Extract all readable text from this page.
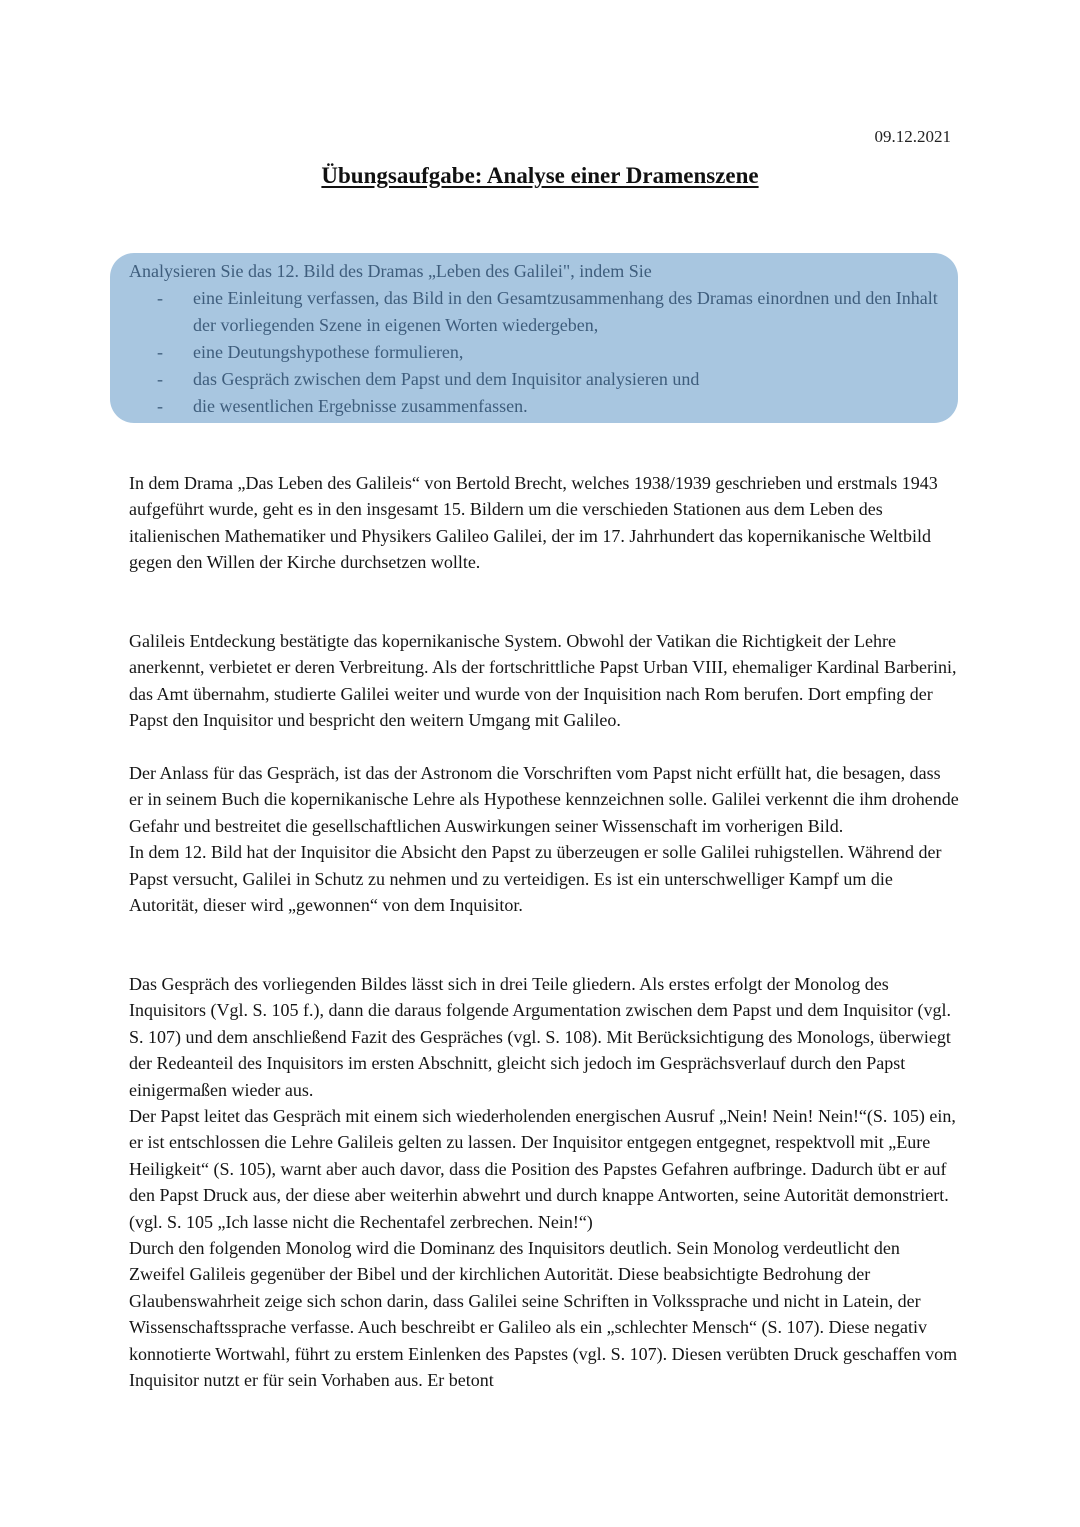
09.12.2021
Übungsaufgabe: Analyse einer Dramenszene
Analysieren Sie das 12. Bild des Dramas „Leben des Galilei", indem Sie
- eine Einleitung verfassen, das Bild in den Gesamtzusammenhang des Dramas einordnen und den Inhalt der vorliegenden Szene in eigenen Worten wiedergeben,
- eine Deutungshypothese formulieren,
- das Gespräch zwischen dem Papst und dem Inquisitor analysieren und
- die wesentlichen Ergebnisse zusammenfassen.

In dem Drama „Das Leben des Galileis“ von Bertold Brecht, welches 1938/1939 geschrieben und erstmals 1943 aufgeführt wurde, geht es in den insgesamt 15. Bildern um die verschieden Stationen aus dem Leben des italienischen Mathematiker und Physikers Galileo Galilei, der im 17. Jahrhundert das kopernikanische Weltbild gegen den Willen der Kirche durchsetzen wollte.

Galileis Entdeckung bestätigte das kopernikanische System. Obwohl der Vatikan die Richtigkeit der Lehre anerkennt, verbietet er deren Verbreitung. Als der fortschrittliche Papst Urban VIII, ehemaliger Kardinal Barberini, das Amt übernahm, studierte Galilei weiter und wurde von der Inquisition nach Rom berufen. Dort empfing der Papst den Inquisitor und bespricht den weitern Umgang mit Galileo.

Der Anlass für das Gespräch, ist das der Astronom die Vorschriften vom Papst nicht erfüllt hat, die besagen, dass er in seinem Buch die kopernikanische Lehre als Hypothese kennzeichnen solle. Galilei verkennt die ihm drohende Gefahr und bestreitet die gesellschaftlichen Auswirkungen seiner Wissenschaft im vorherigen Bild.

In dem 12. Bild hat der Inquisitor die Absicht den Papst zu überzeugen er solle Galilei ruhigstellen. Während der Papst versucht, Galilei in Schutz zu nehmen und zu verteidigen. Es ist ein unterschwelliger Kampf um die Autorität, dieser wird „gewonnen“ von dem Inquisitor.

Das Gespräch des vorliegenden Bildes lässt sich in drei Teile gliedern. Als erstes erfolgt der Monolog des Inquisitors (Vgl. S. 105 f.), dann die daraus folgende Argumentation zwischen dem Papst und dem Inquisitor (vgl. S. 107) und dem anschließend Fazit des Gespräches (vgl. S. 108). Mit Berücksichtigung des Monologs, überwiegt der Redeanteil des Inquisitors im ersten Abschnitt, gleicht sich jedoch im Gesprächsverlauf durch den Papst einigermaßen wieder aus.

Der Papst leitet das Gespräch mit einem sich wiederholenden energischen Ausruf „Nein! Nein! Nein!“(S. 105) ein, er ist entschlossen die Lehre Galileis gelten zu lassen. Der Inquisitor entgegen entgegnet, respektvoll mit „Eure Heiligkeit“ (S. 105), warnt aber auch davor, dass die Position des Papstes Gefahren aufbringe. Dadurch übt er auf den Papst Druck aus, der diese aber weiterhin abwehrt und durch knappe Antworten, seine Autorität demonstriert. (vgl. S. 105 „Ich lasse nicht die Rechentafel zerbrechen. Nein!“)

Durch den folgenden Monolog wird die Dominanz des Inquisitors deutlich. Sein Monolog verdeutlicht den Zweifel Galileis gegenüber der Bibel und der kirchlichen Autorität. Diese beabsichtigte Bedrohung der Glaubenswahrheit zeige sich schon darin, dass Galilei seine Schriften in Volkssprache und nicht in Latein, der Wissenschaftssprache verfasse. Auch beschreibt er Galileo als ein „schlechter Mensch“ (S. 107). Diese negativ konnotierte Wortwahl, führt zu erstem Einlenken des Papstes (vgl. S. 107). Diesen verübten Druck geschaffen vom Inquisitor nutzt er für sein Vorhaben aus. Er betont
